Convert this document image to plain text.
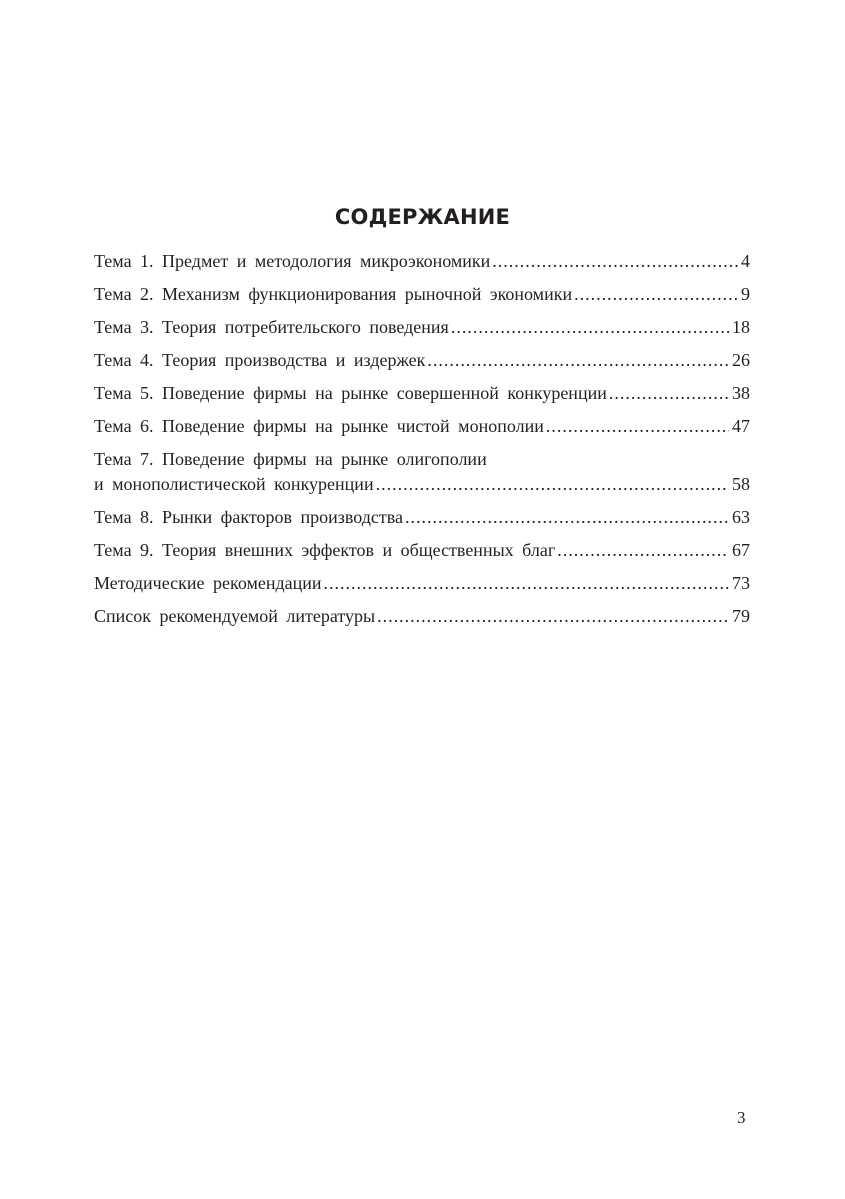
СОДЕРЖАНИЕ
Тема 1. Предмет и методология микроэкономики .....	4
Тема 2. Механизм функционирования рыночной экономики .....	9
Тема 3. Теория потребительского поведения .....	18
Тема 4. Теория производства и издержек .....	26
Тема 5. Поведение фирмы на рынке совершенной конкуренции .....	38
Тема 6. Поведение фирмы на рынке чистой монополии .....	47
Тема 7. Поведение фирмы на рынке олигополии
и монополистической конкуренции .....	58
Тема 8. Рынки факторов производства .....	63
Тема 9. Теория внешних эффектов и общественных благ .....	67
Методические рекомендации .....	73
Список рекомендуемой литературы .....	79
3
